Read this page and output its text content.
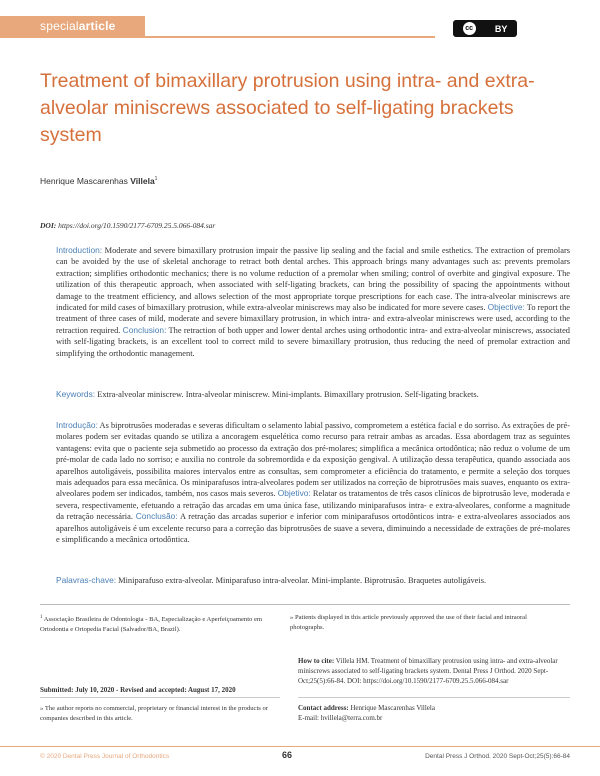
specialarticle	cc BY
Treatment of bimaxillary protrusion using intra- and extra-alveolar miniscrews associated to self-ligating brackets system
Henrique Mascarenhas Villela$^1$
DOI: https://doi.org/10.1590/2177-6709.25.5.066-084.sar

Introduction: Moderate and severe bimaxillary protrusion impair the passive lip sealing and the facial and smile esthetics. The extraction of premolars can be avoided by the use of skeletal anchorage to retract both dental arches. This approach brings many advantages such as: prevents premolars extraction; simplifies orthodontic mechanics; there is no volume reduction of a premolar when smiling; control of overbite and gingival exposure. The utilization of this therapeutic approach, when associated with self-ligating brackets, can bring the possibility of spacing the appointments without damage to the treatment efficiency, and allows selection of the most appropriate torque prescriptions for each case. The intra-alveolar miniscrews are indicated for mild cases of bimaxillary protrusion, while extra-alveolar miniscrews may also be indicated for more severe cases. Objective: To report the treatment of three cases of mild, moderate and severe bimaxillary protrusion, in which intra- and extra-alveolar miniscrews were used, according to the retraction required. Conclusion: The retraction of both upper and lower dental arches using orthodontic intra- and extra-alveolar miniscrews, associated with self-ligating brackets, is an excellent tool to correct mild to severe bimaxillary protrusion, thus reducing the need of premolar extraction and simplifying the orthodontic management.

Keywords: Extra-alveolar miniscrew. Intra-alveolar miniscrew. Mini-implants. Bimaxillary protrusion. Self-ligating brackets.

Introdução: As biprotrusões moderadas e severas dificultam o selamento labial passivo, comprometem a estética facial e do sorriso. As extrações de pré-molares podem ser evitadas quando se utiliza a ancoragem esquelética como recurso para retrair ambas as arcadas. Essa abordagem traz as seguintes vantagens: evita que o paciente seja submetido ao processo da extração dos pré-molares; simplifica a mecânica ortodôntica; não reduz o volume de um pré-molar de cada lado no sorriso; e auxilia no controle da sobremordida e da exposição gengival. A utilização dessa terapêutica, quando associada aos aparelhos autoligáveis, possibilita maiores intervalos entre as consultas, sem comprometer a eficiência do tratamento, e permite a seleção dos torques mais adequados para essa mecânica. Os miniparafusos intra-alveolares podem ser utilizados na correção de biprotrusões mais suaves, enquanto os extra-alveolares podem ser indicados, também, nos casos mais severos. Objetivo: Relatar os tratamentos de três casos clínicos de biprotrusão leve, moderada e severa, respectivamente, efetuando a retração das arcadas em uma única fase, utilizando miniparafusos intra- e extra-alveolares, conforme a magnitude da retração necessária. Conclusão: A retração das arcadas superior e inferior com miniparafusos ortodônticos intra- e extra-alveolares associados aos aparelhos autoligáveis é um excelente recurso para a correção das biprotrusões de suave a severa, diminuindo a necessidade de extrações de pré-molares e simplificando a mecânica ortodôntica.

Palavras-chave: Miniparafuso extra-alveolar. Miniparafuso intra-alveolar. Mini-implante. Biprotrusão. Braquetes autoligáveis.

$^1$ Associação Brasileira de Odontologia - BA, Especialização e Aperfeiçoamento em Ortodontia e Ortopedia Facial (Salvador/BA, Brazil).

» Patients displayed in this article previously approved the use of their facial and intraoral photographs.

How to cite: Villela HM. Treatment of bimaxillary protrusion using intra- and extra-alveolar miniscrews associated to self-ligating brackets system. Dental Press J Orthod. 2020 Sept-Oct;25(5):66-84. DOI: https://doi.org/10.1590/2177-6709.25.5.066-084.sar

Submitted: July 10, 2020 - Revised and accepted: August 17, 2020

» The author reports no commercial, proprietary or financial interest in the products or companies described in this article.

Contact address: Henrique Mascarenhas Villela
E-mail: hvillela@terra.com.br

© 2020 Dental Press Journal of Orthodontics	66	Dental Press J Orthod. 2020 Sept-Oct;25(5):66-84
